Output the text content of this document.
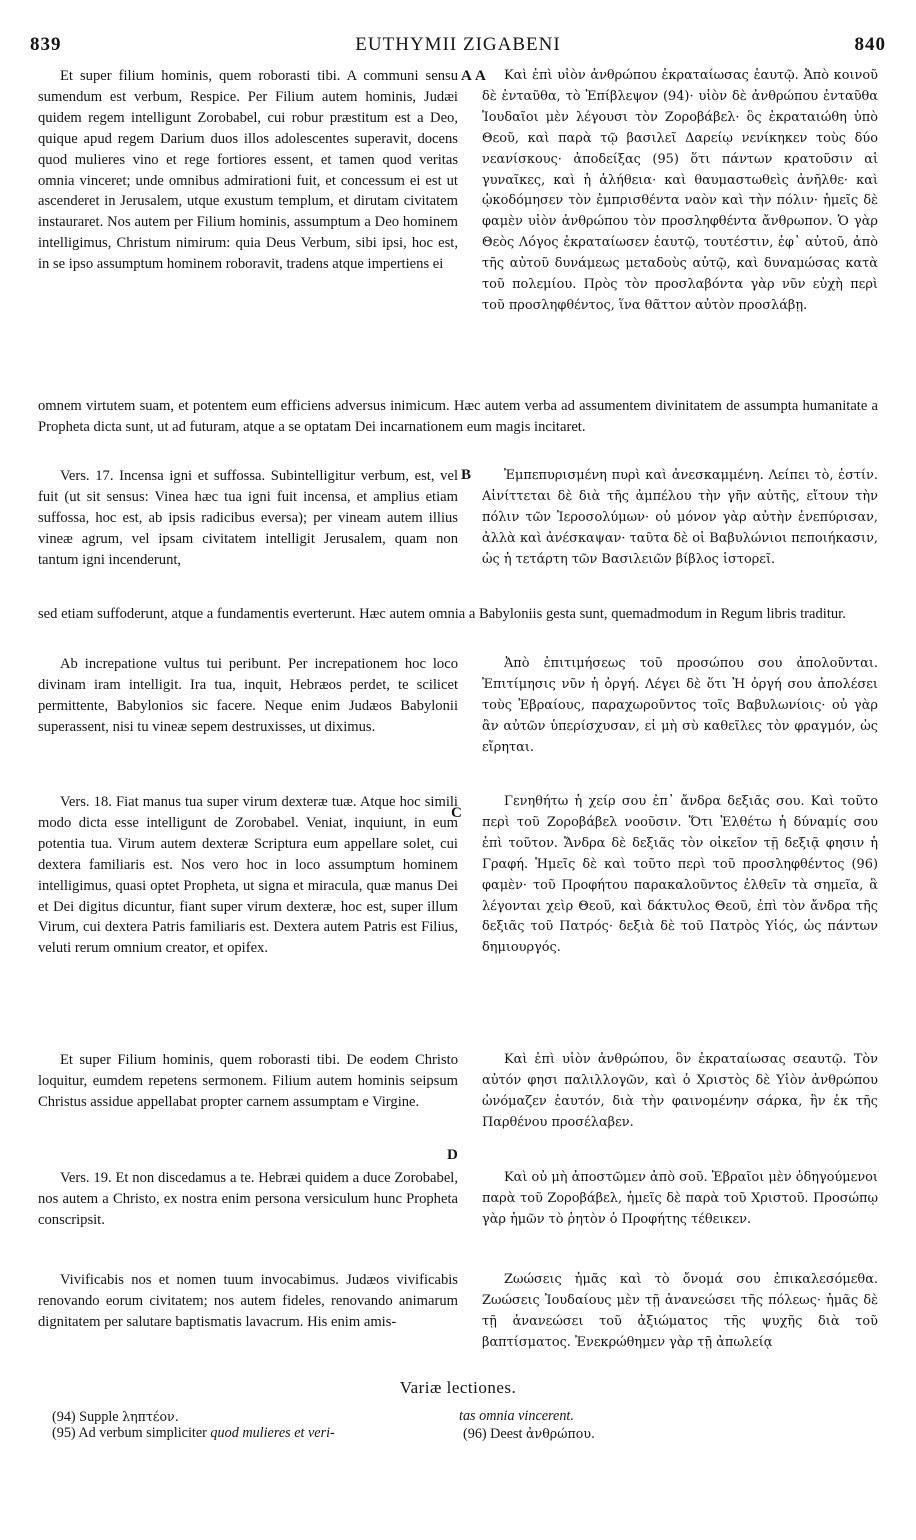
839	EUTHYMII ZIGABENI	840
A A
B
C
D

Et super filium hominis, quem roborasti tibi. A communi sensu sumendum est verbum, Respice. Per Filium autem hominis, Judæi quidem regem intelligunt Zorobabel, cui robur præstitum est a Deo, quique apud regem Darium duos illos adolescentes superavit, docens quod mulieres vino et rege fortiores essent, et tamen quod veritas omnia vinceret; unde omnibus admirationi fuit, et concessum ei est ut ascenderet in Jerusalem, utque exustum templum, et dirutam civitatem instauraret. Nos autem per Filium hominis, assumptum a Deo hominem intelligimus, Christum nimirum: quia Deus Verbum, sibi ipsi, hoc est, in se ipso assumptum hominem roboravit, tradens atque impertiens ei

Καὶ ἐπὶ υἱὸν ἀνθρώπου ἐκραταίωσας ἑαυτῷ. Ἀπὸ κοινοῦ δὲ ἐνταῦθα, τὸ Ἐπίβλεψον (94)· υἱὸν δὲ ἀνθρώπου ἐνταῦθα Ἰουδαῖοι μὲν λέγουσι τὸν Ζοροβάβελ· ὃς ἐκραταιώθη ὑπὸ Θεοῦ, καὶ παρὰ τῷ βασιλεῖ Δαρείῳ νενίκηκεν τοὺς δύο νεανίσκους· ἀποδείξας (95) ὅτι πάντων κρατοῦσιν αἱ γυναῖκες, καὶ ἡ ἀλήθεια· καὶ θαυμαστωθεὶς ἀνῆλθε· καὶ ᾠκοδόμησεν τὸν ἐμπρισθέντα ναὸν καὶ τὴν πόλιν· ἡμεῖς δὲ φαμὲν υἱὸν ἀνθρώπου τὸν προσληφθέντα ἄνθρωπον. Ὁ γὰρ Θεὸς Λόγος ἐκραταίωσεν ἑαυτῷ, τουτέστιν, ἐφ᾽ αὐτοῦ, ἀπὸ τῆς αὐτοῦ δυνάμεως μεταδοὺς αὐτῷ, καὶ δυναμώσας κατὰ τοῦ πολεμίου. Πρὸς τὸν προσλαβόντα γὰρ νῦν εὐχὴ περὶ τοῦ προσληφθέντος, ἵνα θᾶττον αὐτὸν προσλάβῃ.

omnem virtutem suam, et potentem eum efficiens adversus inimicum. Hæc autem verba ad assumentem divinitatem de assumpta humanitate a Propheta dicta sunt, ut ad futuram, atque a se optatam Dei incarnationem eum magis incitaret.

Vers. 17. Incensa igni et suffossa. Subintelligitur verbum, est, vel fuit (ut sit sensus: Vinea hæc tua igni fuit incensa, et amplius etiam suffossa, hoc est, ab ipsis radicibus eversa); per vineam autem illius vineæ agrum, vel ipsam civitatem intelligit Jerusalem, quam non tantum igni incenderunt,

Ἐμπεπυρισμένη πυρὶ καὶ ἀνεσκαμμένη. Λείπει τὸ, ἐστίν. Αἰνίττεται δὲ διὰ τῆς ἀμπέλου τὴν γῆν αὐτῆς, εἴτουν τὴν πόλιν τῶν Ἱεροσολύμων· οὐ μόνον γὰρ αὐτὴν ἐνεπύρισαν, ἀλλὰ καὶ ἀνέσκαψαν· ταῦτα δὲ οἱ Βαβυλώνιοι πεποιήκασιν, ὡς ἡ τετάρτη τῶν Βασιλειῶν βίβλος ἱστορεῖ.

sed etiam suffoderunt, atque a fundamentis everterunt. Hæc autem omnia a Babyloniis gesta sunt, quemadmodum in Regum libris traditur.

Ab increpatione vultus tui peribunt. Per increpationem hoc loco divinam iram intelligit. Ira tua, inquit, Hebræos perdet, te scilicet permittente, Babylonios sic facere. Neque enim Judæos Babylonii superassent, nisi tu vineæ sepem destruxisses, ut diximus.

Ἀπὸ ἐπιτιμήσεως τοῦ προσώπου σου ἀπολοῦνται. Ἐπιτίμησις νῦν ἡ ὀργή. Λέγει δὲ ὅτι Ἡ ὀργή σου ἀπολέσει τοὺς Ἑβραίους, παραχωροῦντος τοῖς Βαβυλωνίοις· οὐ γὰρ ἂν αὐτῶν ὑπερίσχυσαν, εἰ μὴ σὺ καθεῖλες τὸν φραγμόν, ὡς εἴρηται.

Vers. 18. Fiat manus tua super virum dexteræ tuæ. Atque hoc simili modo dicta esse intelligunt de Zorobabel. Veniat, inquiunt, in eum potentia tua. Virum autem dexteræ Scriptura eum appellare solet, cui dextera familiaris est. Nos vero hoc in loco assumptum hominem intelligimus, quasi optet Propheta, ut signa et miracula, quæ manus Dei et Dei digitus dicuntur, fiant super virum dexteræ, hoc est, super illum Virum, cui dextera Patris familiaris est. Dextera autem Patris est Filius, veluti rerum omnium creator, et opifex.

Γενηθήτω ἡ χείρ σου ἐπ᾽ ἄνδρα δεξιᾶς σου. Καὶ τοῦτο περὶ τοῦ Ζοροβάβελ νοοῦσιν. Ὅτι Ἐλθέτω ἡ δύναμίς σου ἐπὶ τοῦτον. Ἄνδρα δὲ δεξιᾶς τὸν οἰκεῖον τῇ δεξιᾷ φησιν ἡ Γραφή. Ἡμεῖς δὲ καὶ τοῦτο περὶ τοῦ προσληφθέντος (96) φαμὲν· τοῦ Προφήτου παρακαλοῦντος ἐλθεῖν τὰ σημεῖα, ἃ λέγονται χεὶρ Θεοῦ, καὶ δάκτυλος Θεοῦ, ἐπὶ τὸν ἄνδρα τῆς δεξιᾶς τοῦ Πατρός· δεξιὰ δὲ τοῦ Πατρὸς Υἱός, ὡς πάντων δημιουργός.

Et super Filium hominis, quem roborasti tibi. De eodem Christo loquitur, eumdem repetens sermonem. Filium autem hominis seipsum Christus assidue appellabat propter carnem assumptam e Virgine.

Καὶ ἐπὶ υἱὸν ἀνθρώπου, ὃν ἐκραταίωσας σεαυτῷ. Τὸν αὐτόν φησι παλιλλογῶν, καὶ ὁ Χριστὸς δὲ Υἱὸν ἀνθρώπου ὠνόμαζεν ἑαυτόν, διὰ τὴν φαινομένην σάρκα, ἣν ἐκ τῆς Παρθένου προσέλαβεν.

Vers. 19. Et non discedamus a te. Hebræi quidem a duce Zorobabel, nos autem a Christo, ex nostra enim persona versiculum hunc Propheta conscripsit.

Καὶ οὐ μὴ ἀποστῶμεν ἀπὸ σοῦ. Ἑβραῖοι μὲν ὁδηγούμενοι παρὰ τοῦ Ζοροβάβελ, ἡμεῖς δὲ παρὰ τοῦ Χριστοῦ. Προσώπῳ γὰρ ἡμῶν τὸ ῥητὸν ὁ Προφήτης τέθεικεν.

Vivificabis nos et nomen tuum invocabimus. Judæos vivificabis renovando eorum civitatem; nos autem fideles, renovando animarum dignitatem per salutare baptismatis lavacrum. His enim amis-

Ζωώσεις ἡμᾶς καὶ τὸ ὄνομά σου ἐπικαλεσόμεθα. Ζωώσεις Ἰουδαίους μὲν τῇ ἀνανεώσει τῆς πόλεως· ἡμᾶς δὲ τῇ ἀνανεώσει τοῦ ἀξιώματος τῆς ψυχῆς διὰ τοῦ βαπτίσματος. Ἐνεκρώθημεν γὰρ τῇ ἀπωλείᾳ

Variæ lectiones.
(94) Supple ληπτέον.
(95) Ad verbum simpliciter quod mulieres et veri-
tas omnia vincerent.
(96) Deest ἀνθρώπου.
